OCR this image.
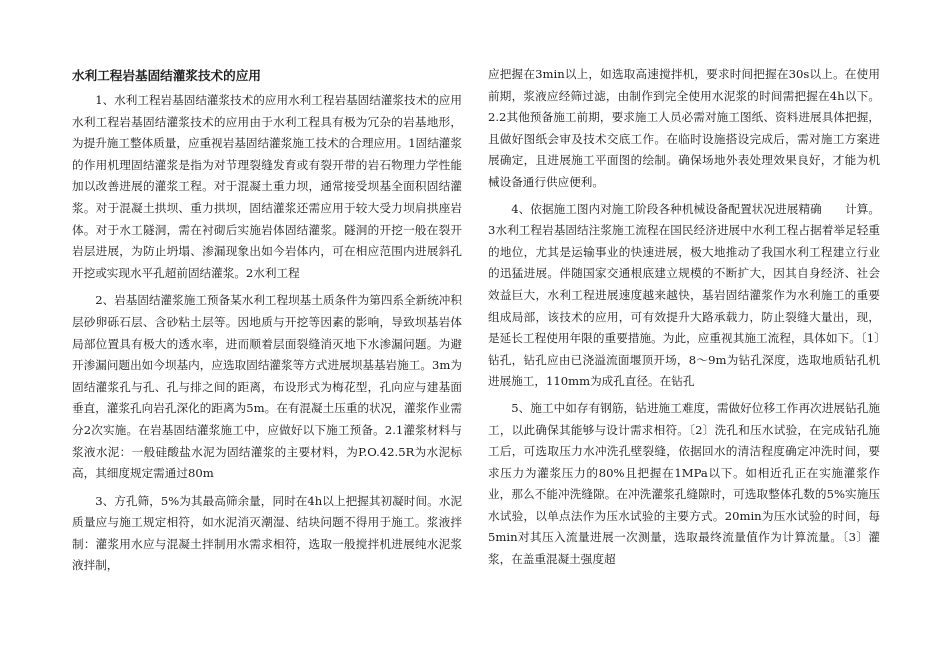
水利工程岩基固结灌浆技术的应用

1、水利工程岩基固结灌浆技术的应用水利工程岩基固结灌浆技术的应用水利工程岩基固结灌浆技术的应用由于水利工程具有极为冗杂的岩基地形，为提升施工整体质量，应重视岩基固结灌浆施工技术的合理应用。1固结灌浆的作用机理固结灌浆是指为对节理裂缝发育或有裂开带的岩石物理力学性能加以改善进展的灌浆工程。对于混凝土重力坝，通常接受坝基全面积固结灌浆。对于混凝土拱坝、重力拱坝，固结灌浆还需应用于较大受力坝肩拱座岩体。对于水工隧洞，需在衬砌后实施岩体固结灌浆。隧洞的开挖一般在裂开岩层进展，为防止坍塌、渗漏现象出如今岩体内，可在相应范围内进展斜孔开挖或实现水平孔超前固结灌浆。2水利工程

2、岩基固结灌浆施工预备某水利工程坝基土质条件为第四系全新统冲积层砂卵砾石层、含砂粘土层等。因地质与开挖等因素的影响，导致坝基岩体局部位置具有极大的透水率，进而顺着层面裂缝消灭地下水渗漏问题。为避开渗漏问题出如今坝基内，应选取固结灌浆等方式进展坝基基岩施工。3m为固结灌浆孔与孔、孔与排之间的距离，布设形式为梅花型，孔向应与建基面垂直，灌浆孔向岩孔深化的距离为5m。在有混凝土压重的状况，灌浆作业需分2次实施。在岩基固结灌浆施工中，应做好以下施工预备。2.1灌浆材料与浆液水泥：一般硅酸盐水泥为固结灌浆的主要材料，为P.O.42.5R为水泥标高，其细度规定需通过80m

3、方孔筛，5%为其最高筛余量，同时在4h以上把握其初凝时间。水泥质量应与施工规定相符，如水泥消灭潮湿、结块问题不得用于施工。浆液拌制：灌浆用水应与混凝土拌制用水需求相符，选取一般搅拌机进展纯水泥浆液拌制，

应把握在3min以上，如选取高速搅拌机，要求时间把握在30s以上。在使用前期，浆液应经筛过滤，由制作到完全使用水泥浆的时间需把握在4h以下。2.2其他预备施工前期，要求施工人员必需对施工图纸、资料进展具体把握，且做好图纸会审及技术交底工作。在临时设施搭设完成后，需对施工方案进展确定，且进展施工平面图的绘制。确保场地外表处理效果良好，才能为机械设备通行供应便利。

4、依据施工图内对施工阶段各种机械设备配置状况进展精确　　计算。3水利工程岩基固结注浆施工流程在国民经济进展中水利工程占据着举足轻重的地位，尤其是运输事业的快速进展，极大地推动了我国水利工程建立行业的迅猛进展。伴随国家交通根底建立规模的不断扩大，因其自身经济、社会效益巨大，水利工程进展速度越来越快，基岩固结灌浆作为水利施工的重要组成局部，该技术的应用，可有效提升大路承载力，防止裂缝大量出，现，是延长工程使用年限的重要措施。为此，应重视其施工流程，具体如下。〔1〕钻孔，钻孔应由已浇溢流面堰顶开场，8～9m为钻孔深度，选取地质钻孔机进展施工，110mm为成孔直径。在钻孔

5、施工中如存有钢筋，钻进施工难度，需做好位移工作再次进展钻孔施工，以此确保其能够与设计需求相符。〔2〕洗孔和压水试验，在完成钻孔施工后，可选取压力水冲洗孔壁裂缝，依据回水的清洁程度确定冲洗时间，要求压力为灌浆压力的80%且把握在1MPa以下。如相近孔正在实施灌浆作业，那么不能冲洗缝隙。在冲洗灌浆孔缝隙时，可选取整体孔数的5%实施压水试验，以单点法作为压水试验的主要方式。20min为压水试验的时间，每5min对其压入流量进展一次测量，选取最终流量值作为计算流量。〔3〕灌浆，在盖重混凝土强度超
